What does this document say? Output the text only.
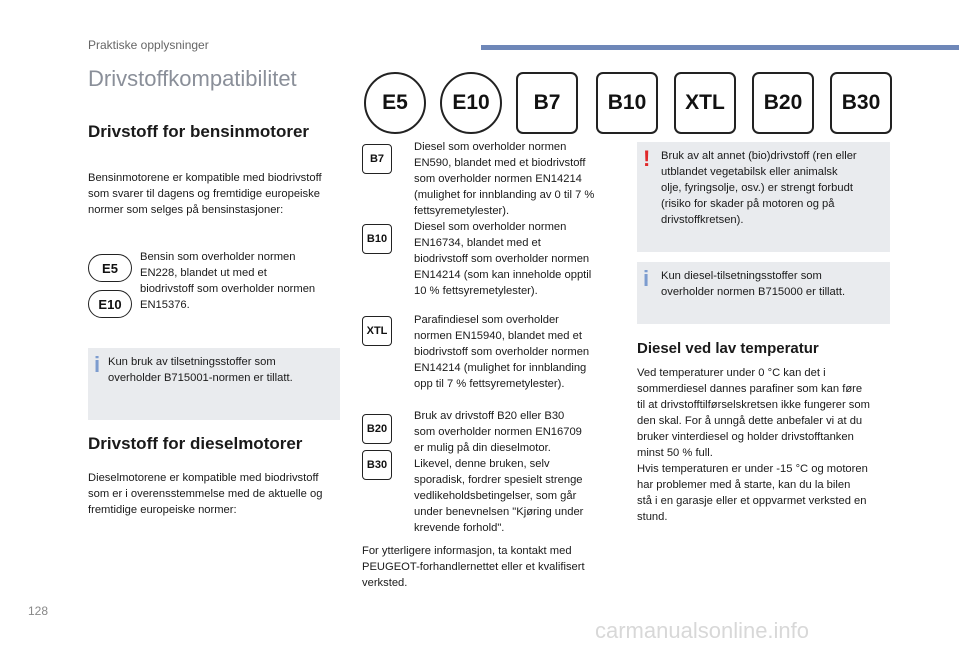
Praktiske opplysninger
Drivstoffkompatibilitet
E5	E10	B7	B10	XTL	B20	B30
Drivstoff for bensinmotorer
Bensinmotorene er kompatible med biodrivstoff
som svarer til dagens og fremtidige europeiske
normer som selges på bensinstasjoner:
E5
E10
Bensin som overholder normen
EN228, blandet ut med et
biodrivstoff som overholder normen
EN15376.
i Kun bruk av tilsetningsstoffer som
overholder B715001-normen er tillatt.
Drivstoff for dieselmotorer
Dieselmotorene er kompatible med biodrivstoff
som er i overensstemmelse med de aktuelle og
fremtidige europeiske normer:
B7
Diesel som overholder normen
EN590, blandet med et biodrivstoff
som overholder normen EN14214
(mulighet for innblanding av 0 til 7 %
fettsyremetylester).
B10
Diesel som overholder normen
EN16734, blandet med et
biodrivstoff som overholder normen
EN14214 (som kan inneholde opptil
10 % fettsyremetylester).
XTL
Parafindiesel som overholder
normen EN15940, blandet med et
biodrivstoff som overholder normen
EN14214 (mulighet for innblanding
opp til 7 % fettsyremetylester).
B20
B30
Bruk av drivstoff B20 eller B30
som overholder normen EN16709
er mulig på din dieselmotor.
Likevel, denne bruken, selv
sporadisk, fordrer spesielt strenge
vedlikeholdsbetingelser, som går
under benevnelsen "Kjøring under
krevende forhold".
For ytterligere informasjon, ta kontakt med
PEUGEOT-forhandlernettet eller et kvalifisert
verksted.
! Bruk av alt annet (bio)drivstoff (ren eller
utblandet vegetabilsk eller animalsk
olje, fyringsolje, osv.) er strengt forbudt
(risiko for skader på motoren og på
drivstoffkretsen).
i Kun diesel-tilsetningsstoffer som
overholder normen B715000 er tillatt.
Diesel ved lav temperatur
Ved temperaturer under 0 °C kan det i
sommerdiesel dannes parafiner som kan føre
til at drivstofftilførselskretsen ikke fungerer som
den skal. For å unngå dette anbefaler vi at du
bruker vinterdiesel og holder drivstofftanken
minst 50 % full.
Hvis temperaturen er under -15 °C og motoren
har problemer med å starte, kan du la bilen
stå i en garasje eller et oppvarmet verksted en
stund.
128
carmanualsonline.info
